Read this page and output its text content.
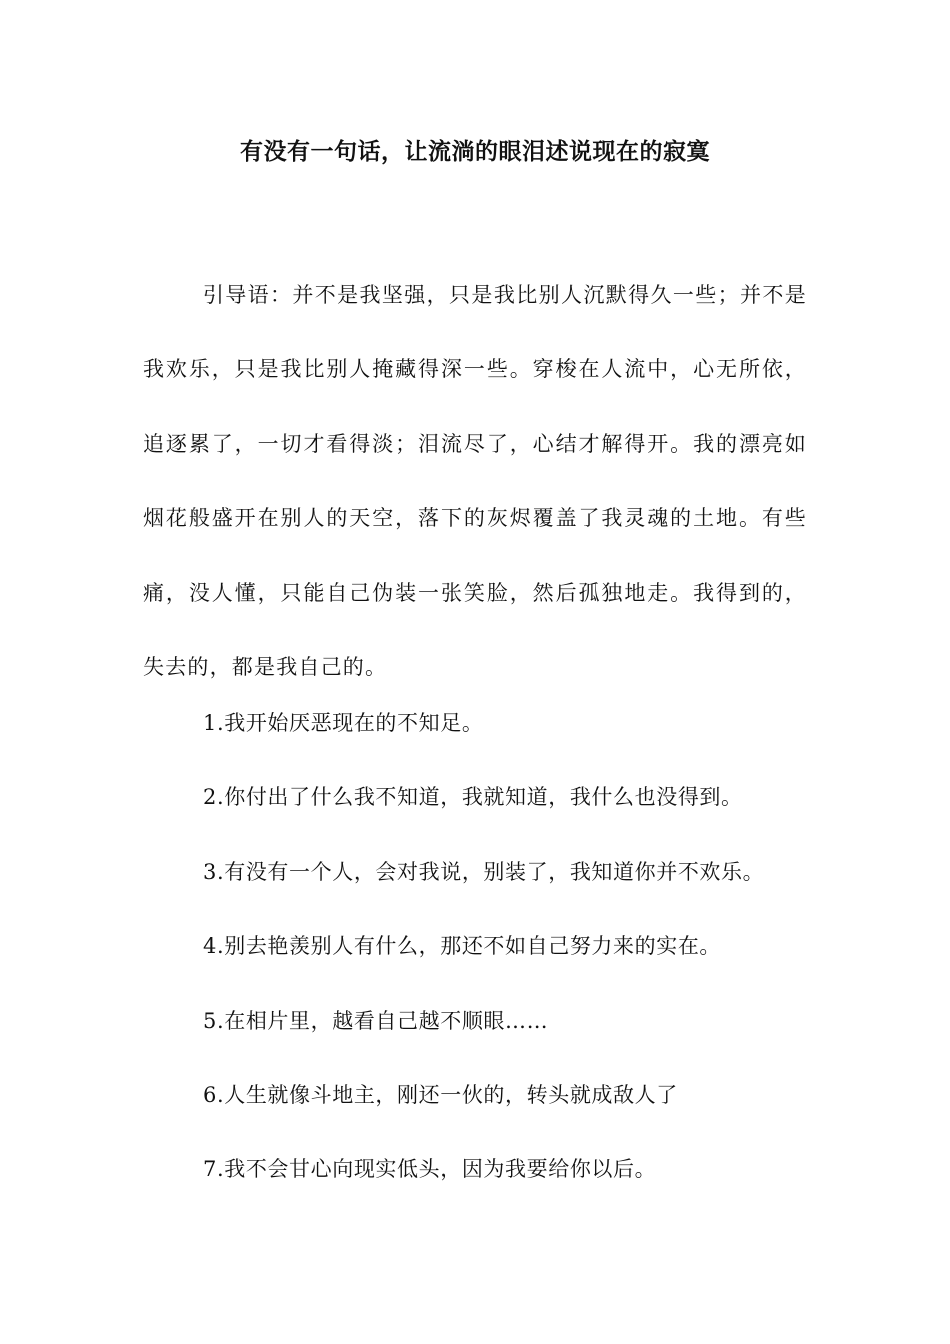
有没有一句话，让流淌的眼泪述说现在的寂寞

引导语：并不是我坚强，只是我比别人沉默得久一些；并不是我欢乐，只是我比别人掩藏得深一些。穿梭在人流中，心无所依，追逐累了，一切才看得淡；泪流尽了，心结才解得开。我的漂亮如烟花般盛开在别人的天空，落下的灰烬覆盖了我灵魂的土地。有些痛，没人懂，只能自己伪装一张笑脸，然后孤独地走。我得到的，失去的，都是我自己的。

1.我开始厌恶现在的不知足。
2.你付出了什么我不知道，我就知道，我什么也没得到。
3.有没有一个人，会对我说，别装了，我知道你并不欢乐。
4.别去艳羡别人有什么，那还不如自己努力来的实在。
5.在相片里，越看自己越不顺眼……
6.人生就像斗地主，刚还一伙的，转头就成敌人了
7.我不会甘心向现实低头，因为我要给你以后。
